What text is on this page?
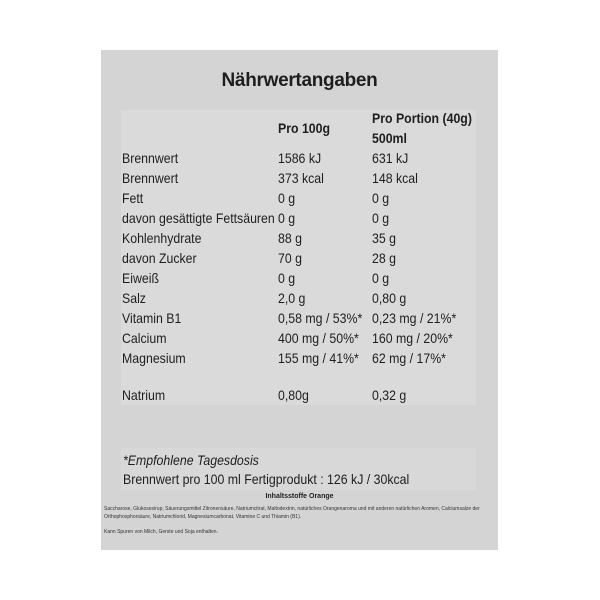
Nährwertangaben
Pro 100g
Pro Portion (40g)
500ml
Brennwert	1586 kJ	631 kJ
Brennwert	373 kcal	148 kcal
Fett	0 g	0 g
davon gesättigte Fettsäuren 0 g	0 g
Kohlenhydrate	88 g	35 g
davon Zucker	70 g	28 g
Eiweiß	0 g	0 g
Salz	2,0 g	0,80 g
Vitamin B1	0,58 mg / 53%* 0,23 mg / 21%*
Calcium	400 mg / 50%* 160 mg / 20%*
Magnesium	155 mg / 41%* 62 mg / 17%*
Natrium	0,80g	0,32 g
*Empfohlene Tagesdosis
Brennwert pro 100 ml Fertigprodukt : 126 kJ / 30kcal
Inhaltsstoffe Orange
Saccharose, Glukosesirup, Säuerungsmittel Zitronensäure, Natriumcitrat, Maltodextrin, natürliches Orangenaroma und mit anderen natürlichen Aromen, Calciumsalze der Orthophosphorsäure, Natriumchlorid, Magnesiumcarbonat, Vitamine C und Thiamin (B1).
Kann Spuren von Milch, Gerste und Soja enthalten.
